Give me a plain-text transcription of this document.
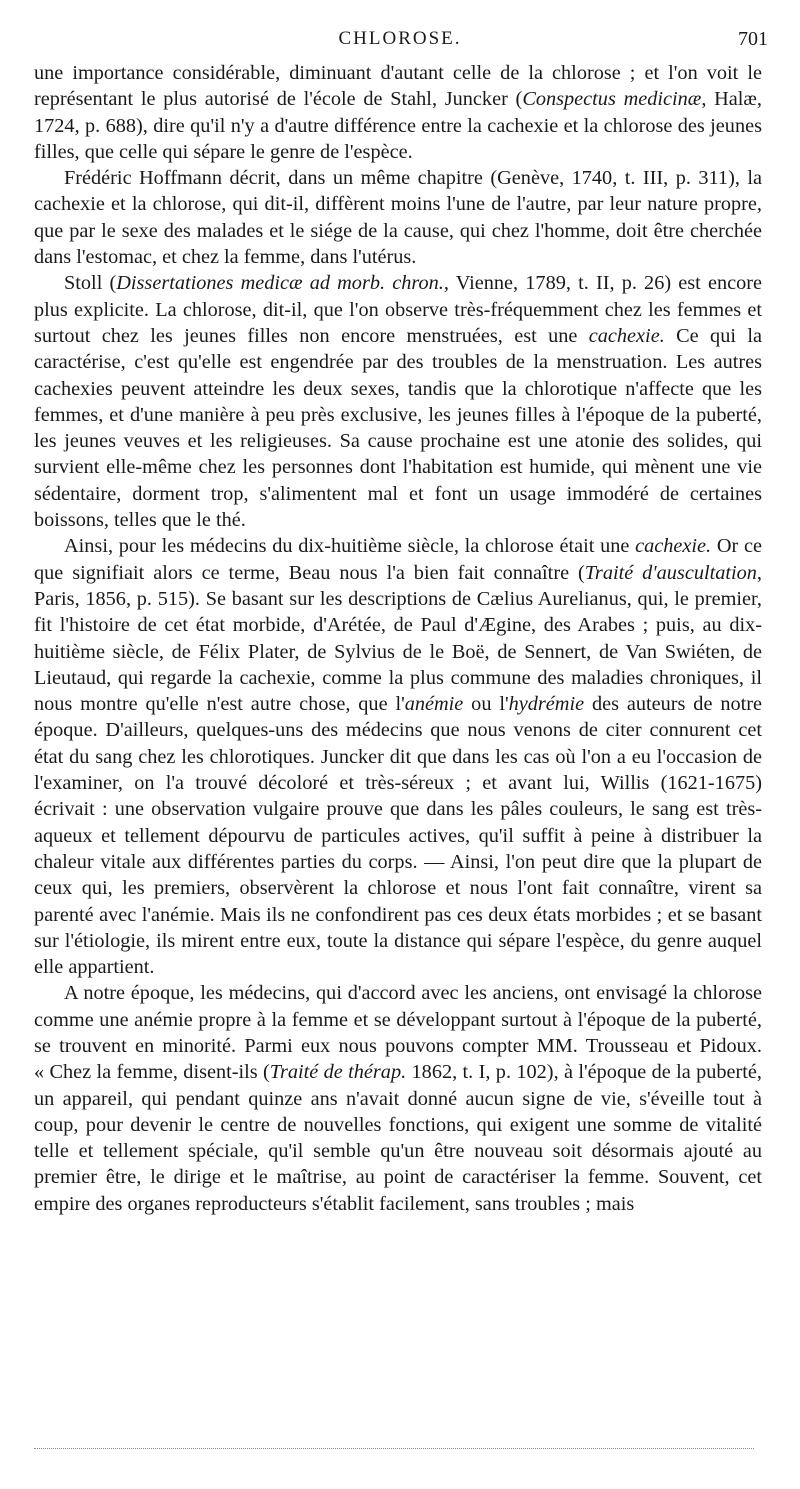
CHLOROSE.	701

une importance considérable, diminuant d'autant celle de la chlorose ; et l'on voit le représentant le plus autorisé de l'école de Stahl, Juncker (Conspectus medicinæ, Halæ, 1724, p. 688), dire qu'il n'y a d'autre différence entre la cachexie et la chlorose des jeunes filles, que celle qui sépare le genre de l'espèce.

Frédéric Hoffmann décrit, dans un même chapitre (Genève, 1740, t. III, p. 311), la cachexie et la chlorose, qui dit-il, diffèrent moins l'une de l'autre, par leur nature propre, que par le sexe des malades et le siége de la cause, qui chez l'homme, doit être cherchée dans l'estomac, et chez la femme, dans l'utérus.

Stoll (Dissertationes medicæ ad morb. chron., Vienne, 1789, t. II, p. 26) est encore plus explicite. La chlorose, dit-il, que l'on observe très-fréquemment chez les femmes et surtout chez les jeunes filles non encore menstruées, est une cachexie. Ce qui la caractérise, c'est qu'elle est engendrée par des troubles de la menstruation. Les autres cachexies peuvent atteindre les deux sexes, tandis que la chlorotique n'affecte que les femmes, et d'une manière à peu près exclusive, les jeunes filles à l'époque de la puberté, les jeunes veuves et les religieuses. Sa cause prochaine est une atonie des solides, qui survient elle-même chez les personnes dont l'habitation est humide, qui mènent une vie sédentaire, dorment trop, s'alimentent mal et font un usage immodéré de certaines boissons, telles que le thé.

Ainsi, pour les médecins du dix-huitième siècle, la chlorose était une cachexie. Or ce que signifiait alors ce terme, Beau nous l'a bien fait connaître (Traité d'auscultation, Paris, 1856, p. 515). Se basant sur les descriptions de Cælius Aurelianus, qui, le premier, fit l'histoire de cet état morbide, d'Arétée, de Paul d'Ægine, des Arabes ; puis, au dix-huitième siècle, de Félix Plater, de Sylvius de le Boë, de Sennert, de Van Swiéten, de Lieutaud, qui regarde la cachexie, comme la plus commune des maladies chroniques, il nous montre qu'elle n'est autre chose, que l'anémie ou l'hydrémie des auteurs de notre époque. D'ailleurs, quelques-uns des médecins que nous venons de citer connurent cet état du sang chez les chlorotiques. Juncker dit que dans les cas où l'on a eu l'occasion de l'examiner, on l'a trouvé décoloré et très-séreux ; et avant lui, Willis (1621-1675) écrivait : une observation vulgaire prouve que dans les pâles couleurs, le sang est très-aqueux et tellement dépourvu de particules actives, qu'il suffit à peine à distribuer la chaleur vitale aux différentes parties du corps. — Ainsi, l'on peut dire que la plupart de ceux qui, les premiers, observèrent la chlorose et nous l'ont fait connaître, virent sa parenté avec l'anémie. Mais ils ne confondirent pas ces deux états morbides ; et se basant sur l'étiologie, ils mirent entre eux, toute la distance qui sépare l'espèce, du genre auquel elle appartient.

A notre époque, les médecins, qui d'accord avec les anciens, ont envisagé la chlorose comme une anémie propre à la femme et se développant surtout à l'époque de la puberté, se trouvent en minorité. Parmi eux nous pouvons compter MM. Trousseau et Pidoux. « Chez la femme, disent-ils (Traité de thérap. 1862, t. I, p. 102), à l'époque de la puberté, un appareil, qui pendant quinze ans n'avait donné aucun signe de vie, s'éveille tout à coup, pour devenir le centre de nouvelles fonctions, qui exigent une somme de vitalité telle et tellement spéciale, qu'il semble qu'un être nouveau soit désormais ajouté au premier être, le dirige et le maîtrise, au point de caractériser la femme. Souvent, cet empire des organes reproducteurs s'établit facilement, sans troubles ; mais
